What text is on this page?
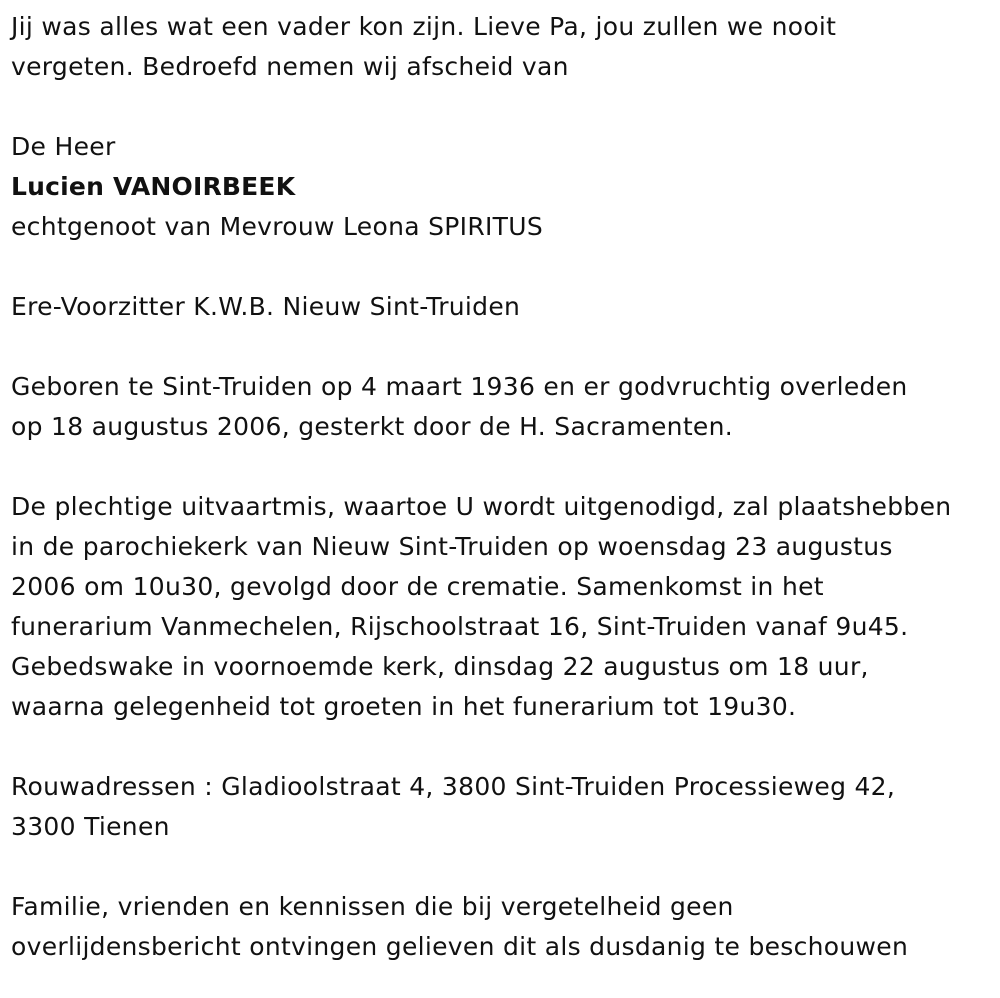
Jij was alles wat een vader kon zijn. Lieve Pa, jou zullen we nooit
vergeten. Bedroefd nemen wij afscheid van

De Heer

Lucien VANOIRBEEK

echtgenoot van Mevrouw Leona SPIRITUS

Ere-Voorzitter K.W.B. Nieuw Sint-Truiden

Geboren te Sint-Truiden op 4 maart 1936 en er godvruchtig overleden
op 18 augustus 2006, gesterkt door de H. Sacramenten.

De plechtige uitvaartmis, waartoe U wordt uitgenodigd, zal plaatshebben
in de parochiekerk van Nieuw Sint-Truiden op woensdag 23 augustus
2006 om 10u30, gevolgd door de crematie. Samenkomst in het
funerarium Vanmechelen, Rijschoolstraat 16, Sint-Truiden vanaf 9u45.
Gebedswake in voornoemde kerk, dinsdag 22 augustus om 18 uur,
waarna gelegenheid tot groeten in het funerarium tot 19u30.

Rouwadressen : Gladioolstraat 4, 3800 Sint-Truiden Processieweg 42,
3300 Tienen

Familie, vrienden en kennissen die bij vergetelheid geen
overlijdensbericht ontvingen gelieven dit als dusdanig te beschouwen
